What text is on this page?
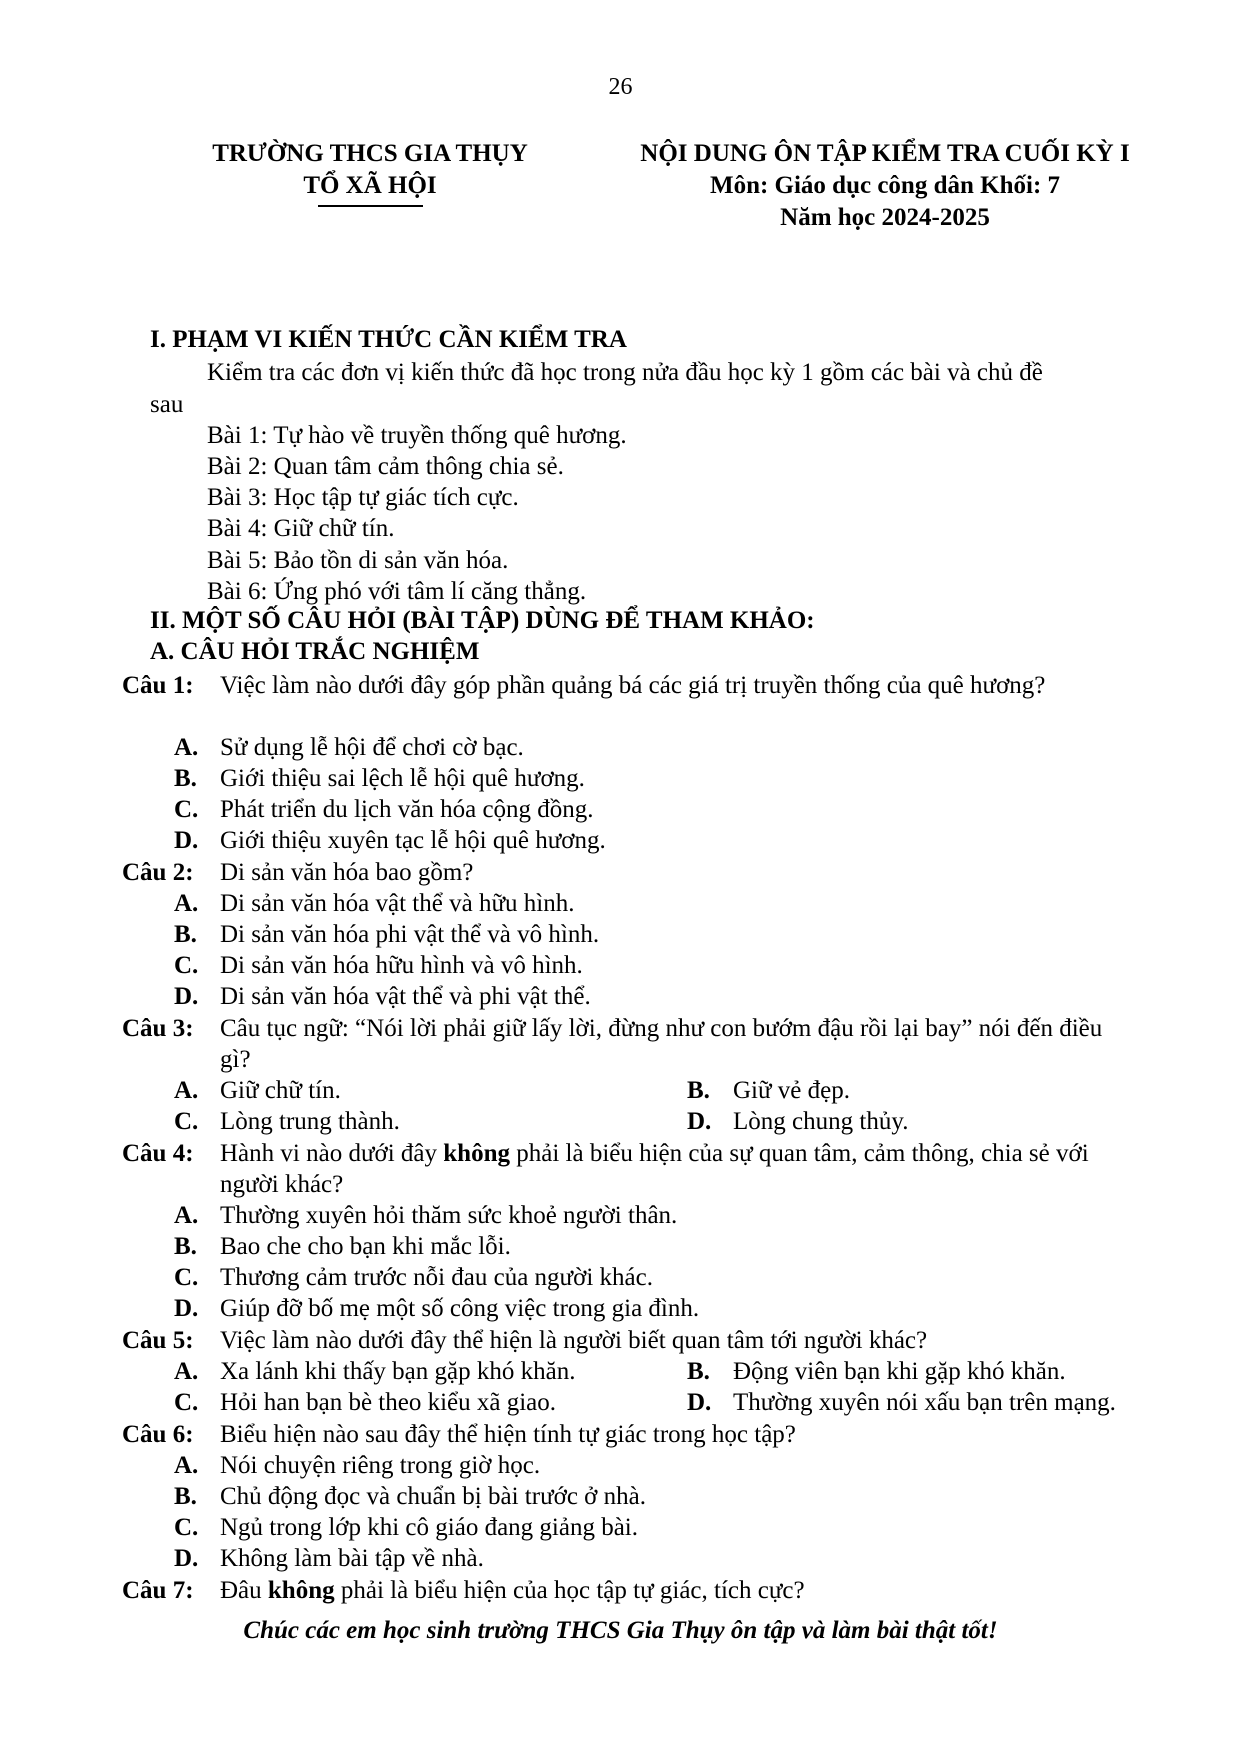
26
TRƯỜNG THCS GIA THỤY
TỔ XÃ HỘI
NỘI DUNG ÔN TẬP KIỂM TRA CUỐI KỲ I
Môn: Giáo dục công dân Khối: 7
Năm học 2024-2025
I. PHẠM VI KIẾN THỨC CẦN KIỂM TRA
Kiểm tra các đơn vị kiến thức đã học trong nửa đầu học kỳ 1 gồm các bài và chủ đề
sau
Bài 1: Tự hào về truyền thống quê hương.
Bài 2: Quan tâm cảm thông chia sẻ.
Bài 3: Học tập tự giác tích cực.
Bài 4: Giữ chữ tín.
Bài 5: Bảo tồn di sản văn hóa.
Bài 6: Ứng phó với tâm lí căng thẳng.
II. MỘT SỐ CÂU HỎI (BÀI TẬP) DÙNG ĐỂ THAM KHẢO:
A. CÂU HỎI TRẮC NGHIỆM
Câu 1: Việc làm nào dưới đây góp phần quảng bá các giá trị truyền thống của quê hương?
A. Sử dụng lễ hội để chơi cờ bạc.
B. Giới thiệu sai lệch lễ hội quê hương.
C. Phát triển du lịch văn hóa cộng đồng.
D. Giới thiệu xuyên tạc lễ hội quê hương.
Câu 2: Di sản văn hóa bao gồm?
A. Di sản văn hóa vật thể và hữu hình.
B. Di sản văn hóa phi vật thể và vô hình.
C. Di sản văn hóa hữu hình và vô hình.
D. Di sản văn hóa vật thể và phi vật thể.
Câu 3: Câu tục ngữ: “Nói lời phải giữ lấy lời, đừng như con bướm đậu rồi lại bay” nói đến điều
gì?
A. Giữ chữ tín.	B. Giữ vẻ đẹp.
C. Lòng trung thành.	D. Lòng chung thủy.
Câu 4: Hành vi nào dưới đây không phải là biểu hiện của sự quan tâm, cảm thông, chia sẻ với
người khác?
A. Thường xuyên hỏi thăm sức khoẻ người thân.
B. Bao che cho bạn khi mắc lỗi.
C. Thương cảm trước nỗi đau của người khác.
D. Giúp đỡ bố mẹ một số công việc trong gia đình.
Câu 5: Việc làm nào dưới đây thể hiện là người biết quan tâm tới người khác?
A. Xa lánh khi thấy bạn gặp khó khăn.	B. Động viên bạn khi gặp khó khăn.
C. Hỏi han bạn bè theo kiểu xã giao.	D. Thường xuyên nói xấu bạn trên mạng.
Câu 6: Biểu hiện nào sau đây thể hiện tính tự giác trong học tập?
A. Nói chuyện riêng trong giờ học.
B. Chủ động đọc và chuẩn bị bài trước ở nhà.
C. Ngủ trong lớp khi cô giáo đang giảng bài.
D. Không làm bài tập về nhà.
Câu 7: Đâu không phải là biểu hiện của học tập tự giác, tích cực?
Chúc các em học sinh trường THCS Gia Thụy ôn tập và làm bài thật tốt!
